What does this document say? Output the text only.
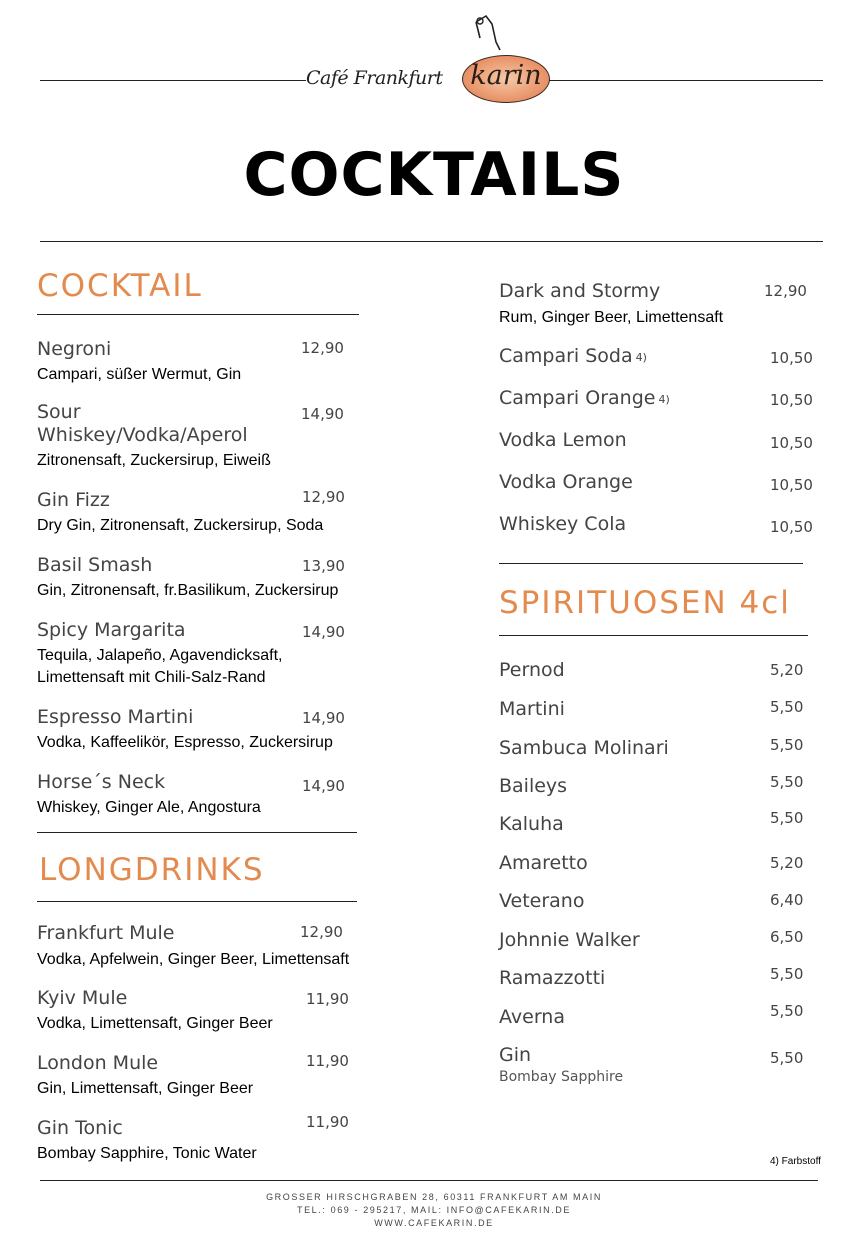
Café Frankfurt karin
COCKTAILS
COCKTAIL
Negroni	12,90
Campari, süßer Wermut, Gin
Sour
Whiskey/Vodka/Aperol
14,90
Zitronensaft, Zuckersirup, Eiweiß
Gin Fizz	12,90
Dry Gin, Zitronensaft, Zuckersirup, Soda
Basil Smash	13,90
Gin, Zitronensaft, fr.Basilikum, Zuckersirup
Spicy Margarita	14,90
Tequila, Jalapeño, Agavendicksaft,
Limettensaft mit Chili-Salz-Rand
Espresso Martini	14,90
Vodka, Kaffeelikör, Espresso, Zuckersirup
Horse´s Neck	14,90
Whiskey, Ginger Ale, Angostura
LONGDRINKS
Frankfurt Mule	12,90
Vodka, Apfelwein, Ginger Beer, Limettensaft
Kyiv Mule	11,90
Vodka, Limettensaft, Ginger Beer
London Mule	11,90
Gin, Limettensaft, Ginger Beer
Gin Tonic	11,90
Bombay Sapphire, Tonic Water
Dark and Stormy	12,90
Rum, Ginger Beer, Limettensaft
Campari Soda 4)	10,50
Campari Orange 4)	10,50
Vodka Lemon	10,50
Vodka Orange	10,50
Whiskey Cola	10,50
SPIRITUOSEN 4cl
Pernod	5,20
Martini	5,50
Sambuca Molinari	5,50
Baileys	5,50
Kaluha	5,50
Amaretto	5,20
Veterano	6,40
Johnnie Walker	6,50
Ramazzotti	5,50
Averna	5,50
Gin	5,50
Bombay Sapphire
4) Farbstoff
GROSSER HIRSCHGRABEN 28, 60311 FRANKFURT AM MAIN
TEL.: 069 - 295217, MAIL: INFO@CAFEKARIN.DE
WWW.CAFEKARIN.DE
